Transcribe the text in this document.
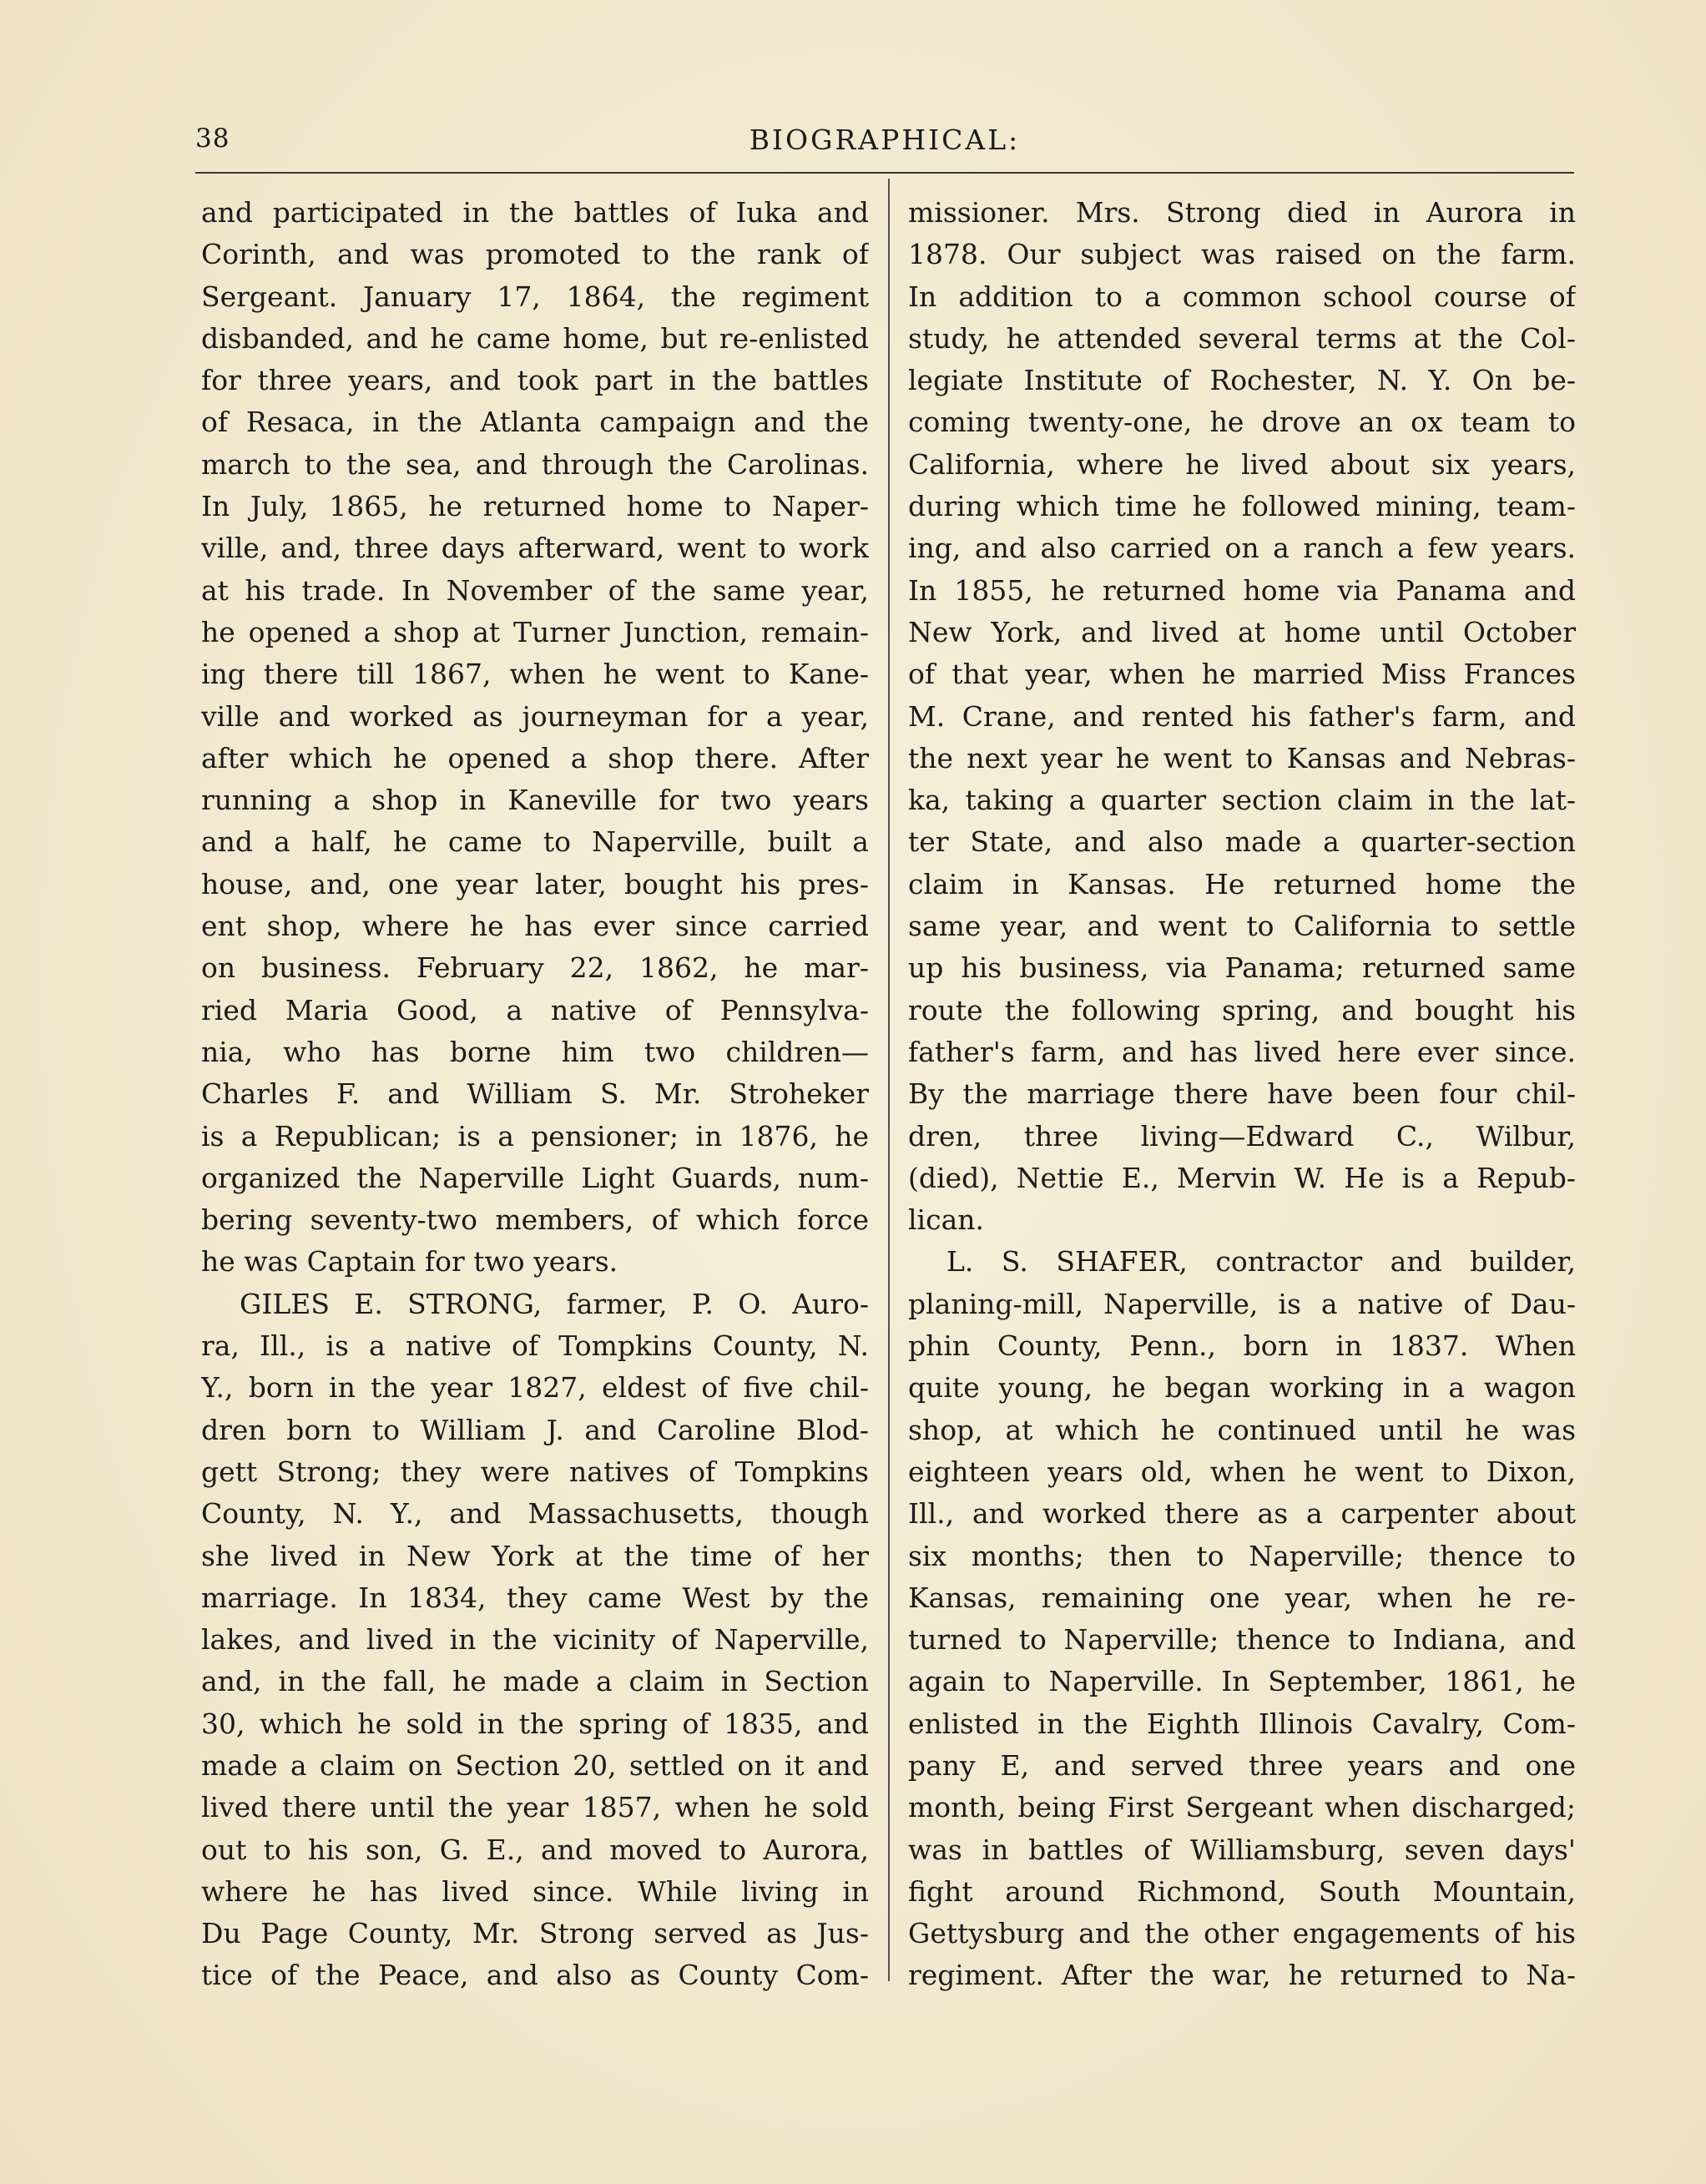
38	BIOGRAPHICAL:
and participated in the battles of Iuka and
Corinth, and was promoted to the rank of
Sergeant. January 17, 1864, the regiment
disbanded, and he came home, but re-enlisted
for three years, and took part in the battles
of Resaca, in the Atlanta campaign and the
march to the sea, and through the Carolinas.
In July, 1865, he returned home to Naper-
ville, and, three days afterward, went to work
at his trade. In November of the same year,
he opened a shop at Turner Junction, remain-
ing there till 1867, when he went to Kane-
ville and worked as journeyman for a year,
after which he opened a shop there. After
running a shop in Kaneville for two years
and a half, he came to Naperville, built a
house, and, one year later, bought his pres-
ent shop, where he has ever since carried
on business. February 22, 1862, he mar-
ried Maria Good, a native of Pennsylva-
nia, who has borne him two children—
Charles F. and William S. Mr. Stroheker
is a Republican; is a pensioner; in 1876, he
organized the Naperville Light Guards, num-
bering seventy-two members, of which force
he was Captain for two years.
GILES E. STRONG, farmer, P. O. Auro-
ra, Ill., is a native of Tompkins County, N.
Y., born in the year 1827, eldest of five chil-
dren born to William J. and Caroline Blod-
gett Strong; they were natives of Tompkins
County, N. Y., and Massachusetts, though
she lived in New York at the time of her
marriage. In 1834, they came West by the
lakes, and lived in the vicinity of Naperville,
and, in the fall, he made a claim in Section
30, which he sold in the spring of 1835, and
made a claim on Section 20, settled on it and
lived there until the year 1857, when he sold
out to his son, G. E., and moved to Aurora,
where he has lived since. While living in
Du Page County, Mr. Strong served as Jus-
tice of the Peace, and also as County Com-
missioner. Mrs. Strong died in Aurora in
1878. Our subject was raised on the farm.
In addition to a common school course of
study, he attended several terms at the Col-
legiate Institute of Rochester, N. Y. On be-
coming twenty-one, he drove an ox team to
California, where he lived about six years,
during which time he followed mining, team-
ing, and also carried on a ranch a few years.
In 1855, he returned home via Panama and
New York, and lived at home until October
of that year, when he married Miss Frances
M. Crane, and rented his father's farm, and
the next year he went to Kansas and Nebras-
ka, taking a quarter section claim in the lat-
ter State, and also made a quarter-section
claim in Kansas. He returned home the
same year, and went to California to settle
up his business, via Panama; returned same
route the following spring, and bought his
father's farm, and has lived here ever since.
By the marriage there have been four chil-
dren, three living—Edward C., Wilbur,
(died), Nettie E., Mervin W. He is a Repub-
lican.
L. S. SHAFER, contractor and builder,
planing-mill, Naperville, is a native of Dau-
phin County, Penn., born in 1837. When
quite young, he began working in a wagon
shop, at which he continued until he was
eighteen years old, when he went to Dixon,
Ill., and worked there as a carpenter about
six months; then to Naperville; thence to
Kansas, remaining one year, when he re-
turned to Naperville; thence to Indiana, and
again to Naperville. In September, 1861, he
enlisted in the Eighth Illinois Cavalry, Com-
pany E, and served three years and one
month, being First Sergeant when discharged;
was in battles of Williamsburg, seven days'
fight around Richmond, South Mountain,
Gettysburg and the other engagements of his
regiment. After the war, he returned to Na-
